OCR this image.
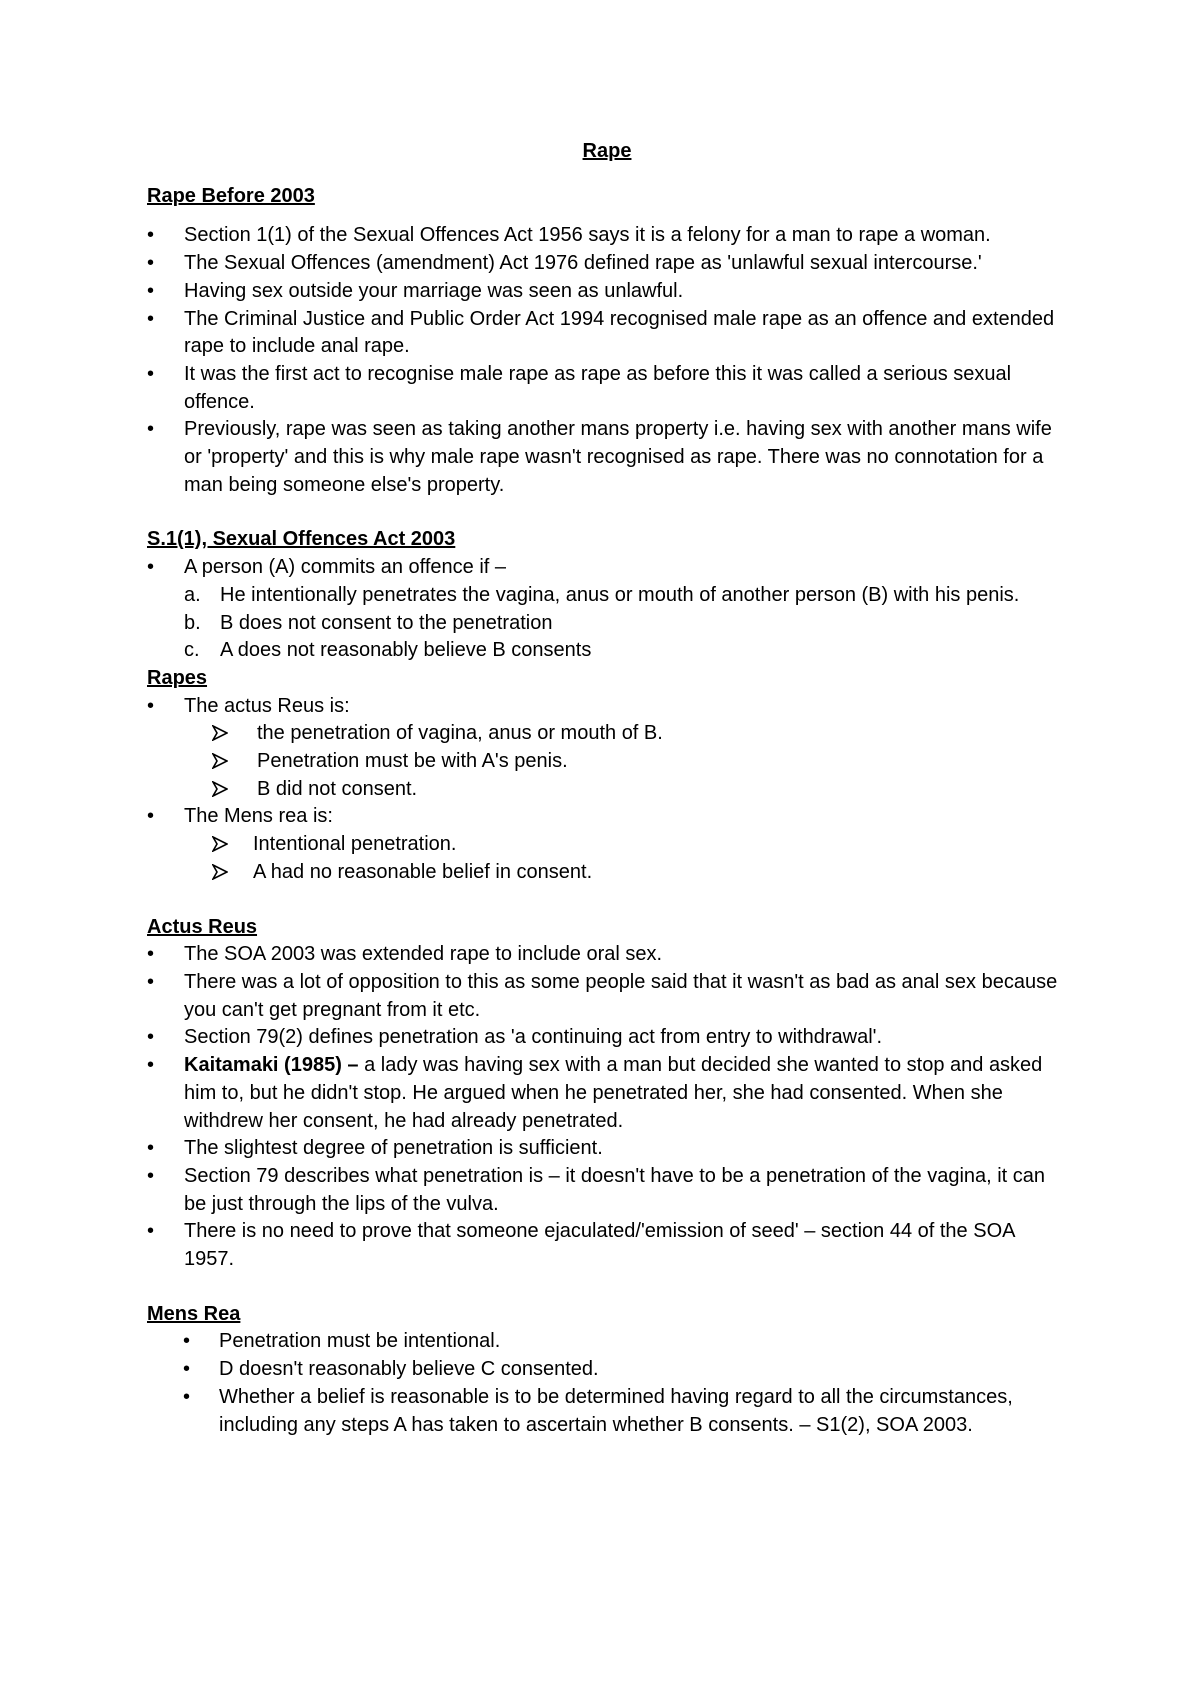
Rape

Rape Before 2003

• Section 1(1) of the Sexual Offences Act 1956 says it is a felony for a man to rape a woman.
• The Sexual Offences (amendment) Act 1976 defined rape as 'unlawful sexual intercourse.'
• Having sex outside your marriage was seen as unlawful.
• The Criminal Justice and Public Order Act 1994 recognised male rape as an offence and extended rape to include anal rape.
• It was the first act to recognise male rape as rape as before this it was called a serious sexual offence.
• Previously, rape was seen as taking another mans property i.e. having sex with another mans wife or 'property' and this is why male rape wasn't recognised as rape. There was no connotation for a man being someone else's property.

S.1(1), Sexual Offences Act 2003

• A person (A) commits an offence if –
a. He intentionally penetrates the vagina, anus or mouth of another person (B) with his penis.
b. B does not consent to the penetration
c.	A does not reasonably believe B consents

Rapes

• The actus Reus is:
the penetration of vagina, anus or mouth of B.
Penetration must be with A's penis.
B did not consent.
• The Mens rea is:
Intentional penetration.
A had no reasonable belief in consent.

Actus Reus

• The SOA 2003 was extended rape to include oral sex.
• There was a lot of opposition to this as some people said that it wasn't as bad as anal sex because you can't get pregnant from it etc.
• Section 79(2) defines penetration as 'a continuing act from entry to withdrawal'.
• Kaitamaki (1985) – a lady was having sex with a man but decided she wanted to stop and asked him to, but he didn't stop. He argued when he penetrated her, she had consented. When she withdrew her consent, he had already penetrated.
• The slightest degree of penetration is sufficient.
• Section 79 describes what penetration is – it doesn't have to be a penetration of the vagina, it can be just through the lips of the vulva.
• There is no need to prove that someone ejaculated/'emission of seed' – section 44 of the SOA 1957.

Mens Rea

• Penetration must be intentional.
• D doesn't reasonably believe C consented.
• Whether a belief is reasonable is to be determined having regard to all the circumstances, including any steps A has taken to ascertain whether B consents. – S1(2), SOA 2003.
